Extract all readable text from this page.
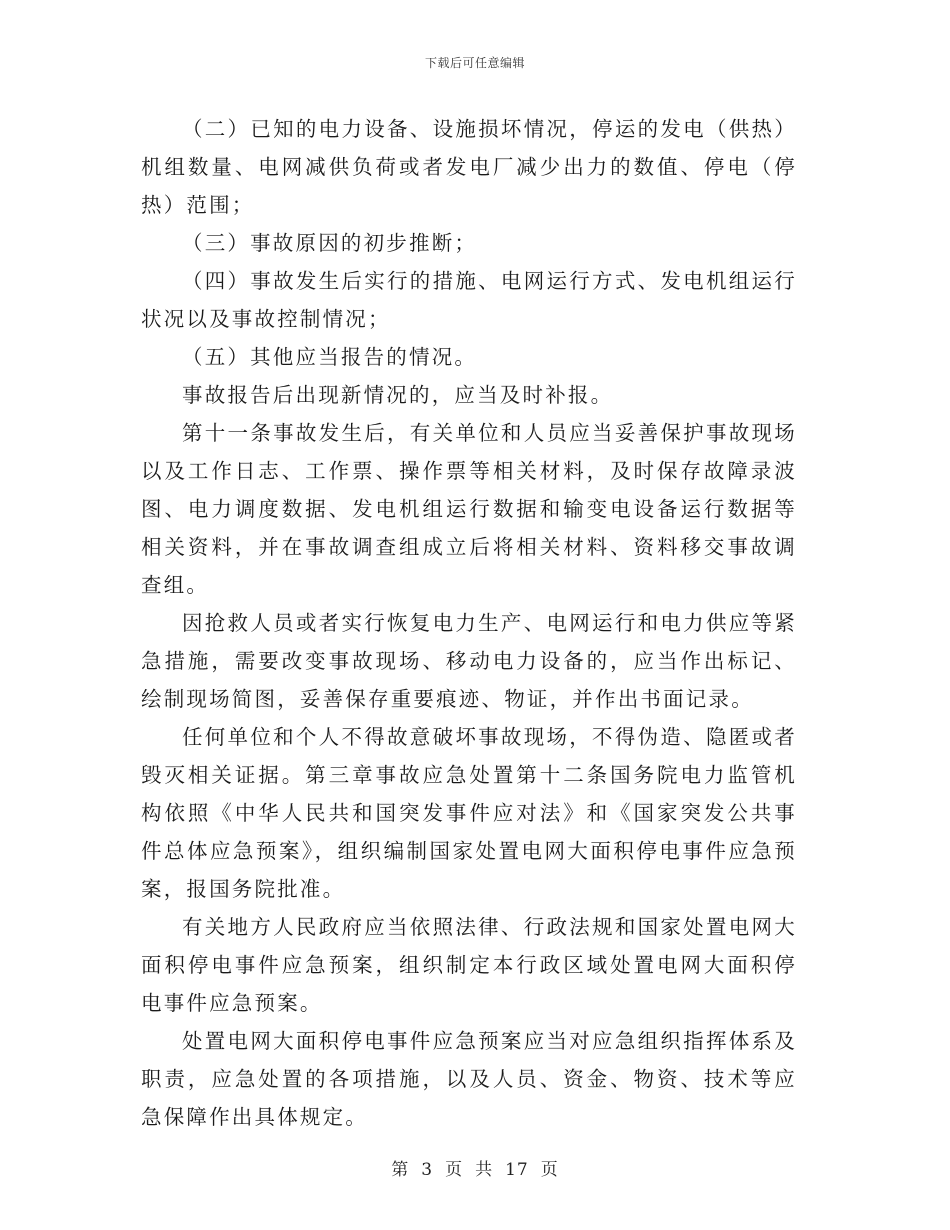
下载后可任意编辑

（二）已知的电力设备、设施损坏情况，停运的发电（供热）机组数量、电网减供负荷或者发电厂减少出力的数值、停电（停热）范围；

（三）事故原因的初步推断；

（四）事故发生后实行的措施、电网运行方式、发电机组运行状况以及事故控制情况；

（五）其他应当报告的情况。

事故报告后出现新情况的，应当及时补报。

第十一条事故发生后，有关单位和人员应当妥善保护事故现场以及工作日志、工作票、操作票等相关材料，及时保存故障录波图、电力调度数据、发电机组运行数据和输变电设备运行数据等相关资料，并在事故调查组成立后将相关材料、资料移交事故调查组。

因抢救人员或者实行恢复电力生产、电网运行和电力供应等紧急措施，需要改变事故现场、移动电力设备的，应当作出标记、绘制现场简图，妥善保存重要痕迹、物证，并作出书面记录。

任何单位和个人不得故意破坏事故现场，不得伪造、隐匿或者毁灭相关证据。第三章事故应急处置第十二条国务院电力监管机构依照《中华人民共和国突发事件应对法》和《国家突发公共事件总体应急预案》，组织编制国家处置电网大面积停电事件应急预案，报国务院批准。

有关地方人民政府应当依照法律、行政法规和国家处置电网大面积停电事件应急预案，组织制定本行政区域处置电网大面积停电事件应急预案。

处置电网大面积停电事件应急预案应当对应急组织指挥体系及职责，应急处置的各项措施，以及人员、资金、物资、技术等应急保障作出具体规定。

第 3 页 共 17 页
